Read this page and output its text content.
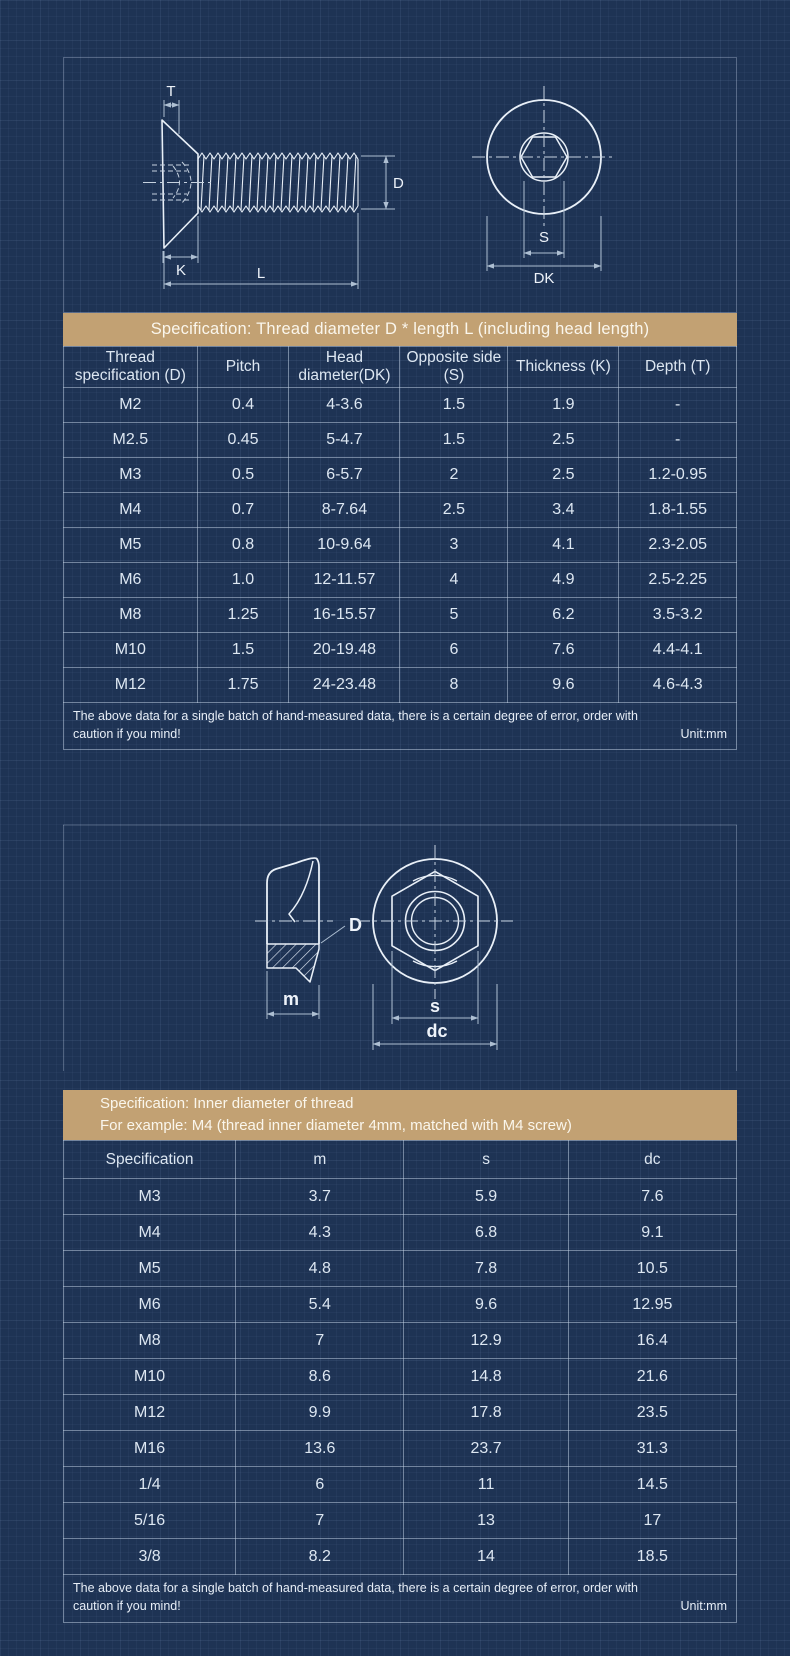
T
K	L
D
S
DK
Specification: Thread diameter D * length L (including head length)
Thread specification (D)	Pitch	Head diameter(DK)	Opposite side (S)	Thickness (K)	Depth (T)
M2	0.4	4-3.6	1.5	1.9	-
M2.5	0.45	5-4.7	1.5	2.5	-
M3	0.5	6-5.7	2	2.5	1.2-0.95
M4	0.7	8-7.64	2.5	3.4	1.8-1.55
M5	0.8	10-9.64	3	4.1	2.3-2.05
M6	1.0	12-11.57	4	4.9	2.5-2.25
M8	1.25	16-15.57	5	6.2	3.5-3.2
M10	1.5	20-19.48	6	7.6	4.4-4.1
M12	1.75	24-23.48	8	9.6	4.6-4.3

The above data for a single batch of hand-measured data, there is a certain degree of error, order with caution if you mind!	Unit:mm
D
m	s
dc
Specification: Inner diameter of thread
For example: M4 (thread inner diameter 4mm, matched with M4 screw)
Specification	m	s	dc
M3	3.7	5.9	7.6
M4	4.3	6.8	9.1
M5	4.8	7.8	10.5
M6	5.4	9.6	12.95
M8	7	12.9	16.4
M10	8.6	14.8	21.6
M12	9.9	17.8	23.5
M16	13.6	23.7	31.3
1/4	6	11	14.5
5/16	7	13	17
3/8	8.2	14	18.5

The above data for a single batch of hand-measured data, there is a certain degree of error, order with caution if you mind!	Unit:mm
